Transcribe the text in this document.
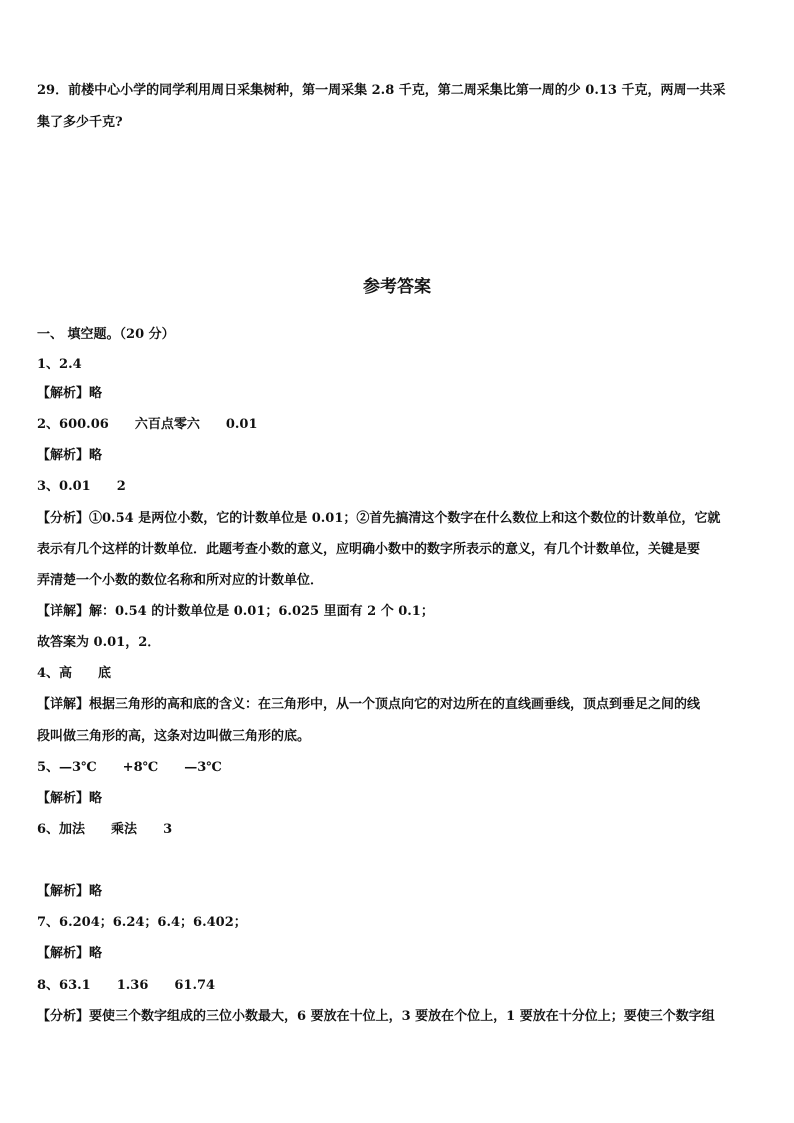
29．前楼中心小学的同学利用周日采集树种，第一周采集 2.8 千克，第二周采集比第一周的少 0.13 千克，两周一共采
集了多少千克?
参考答案
一、 填空题。（20 分）
1、2.4
【解析】略
2、600.06 六百点零六 0.01
【解析】略
3、0.01 2
【分析】①0.54 是两位小数，它的计数单位是 0.01；②首先搞清这个数字在什么数位上和这个数位的计数单位，它就
表示有几个这样的计数单位．此题考查小数的意义，应明确小数中的数字所表示的意义，有几个计数单位，关键是要
弄清楚一个小数的数位名称和所对应的计数单位．
【详解】解：0.54 的计数单位是 0.01；6.025 里面有 2 个 0.1；
故答案为 0.01，2．
4、高 底
【详解】根据三角形的高和底的含义：在三角形中，从一个顶点向它的对边所在的直线画垂线，顶点到垂足之间的线
段叫做三角形的高，这条对边叫做三角形的底。
5、—3℃ +8℃ —3℃
【解析】略
6、加法 乘法 3
【解析】略
7、6.204；6.24；6.4；6.402；
【解析】略
8、63.1 1.36 61.74
【分析】要使三个数字组成的三位小数最大，6 要放在十位上，3 要放在个位上，1 要放在十分位上；要使三个数字组
